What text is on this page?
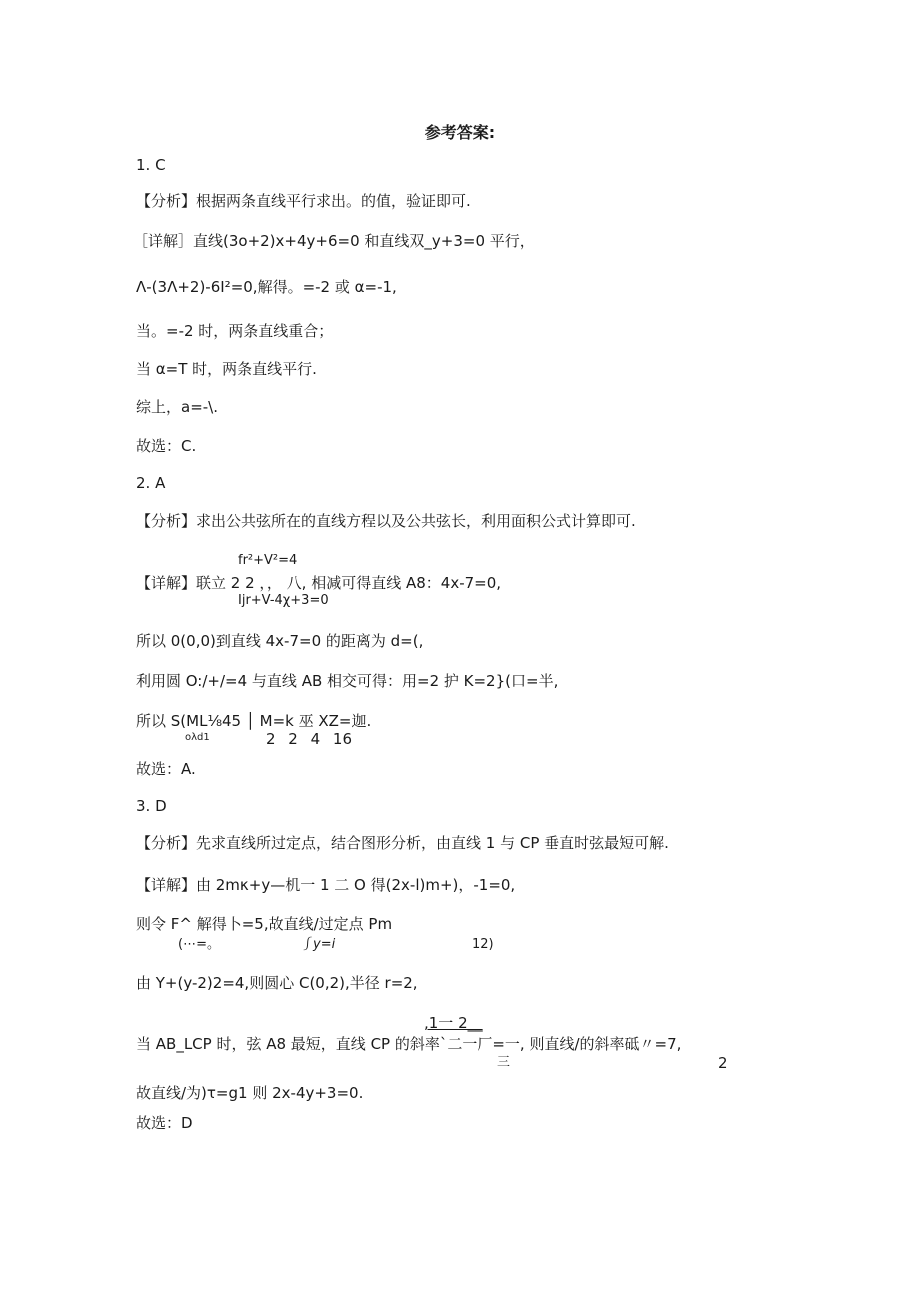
参考答案:
1. C
【分析】根据两条直线平行求出。的值，验证即可.
［详解］直线(3o+2)x+4y+6=0 和直线双_y+3=0 平行，
Λ-(3Λ+2)-6I²=0,解得。=-2 或 α=-1,
当。=-2 时，两条直线重合；
当 α=T 时，两条直线平行.
综上，a=-\.
故选：C.
2. A
【分析】求出公共弦所在的直线方程以及公共弦长，利用面积公式计算即可.
fr²+V²=4
【详解】联立 2 2 ，， 八, 相减可得直线 A8：4x-7=0,
Ijr+V-4χ+3=0
所以 0(0,0)到直线 4x-7=0 的距离为 d=(,
利用圆 O:/+/=4 与直线 AB 相交可得：用=2 护 K=2}(口=半,
所以 S(ML⅛45 │ M=k 巫 XZ=迦.
oλd1	2 2 4 16
故选：A.
3. D
【分析】先求直线所过定点，结合图形分析，由直线 1 与 CP 垂直时弦最短可解.
【详解】由 2mκ+y—机一 1 二 O 得(2x-l)m+)，-1=0,
则令 F^ 解得卜=5,故直线/过定点 Pm
(⋯=。	⎰y=i	12)
由 Y+(y-2)2=4,则圆心 C(0,2),半径 r=2,
,1一 2__
当 AB_LCP 时，弦 A8 最短，直线 CP 的斜率`二一厂=一, 则直线/的斜率砥〃=7,
三	2
故直线/为)τ=g1 则 2x-4y+3=0.
故选：D
